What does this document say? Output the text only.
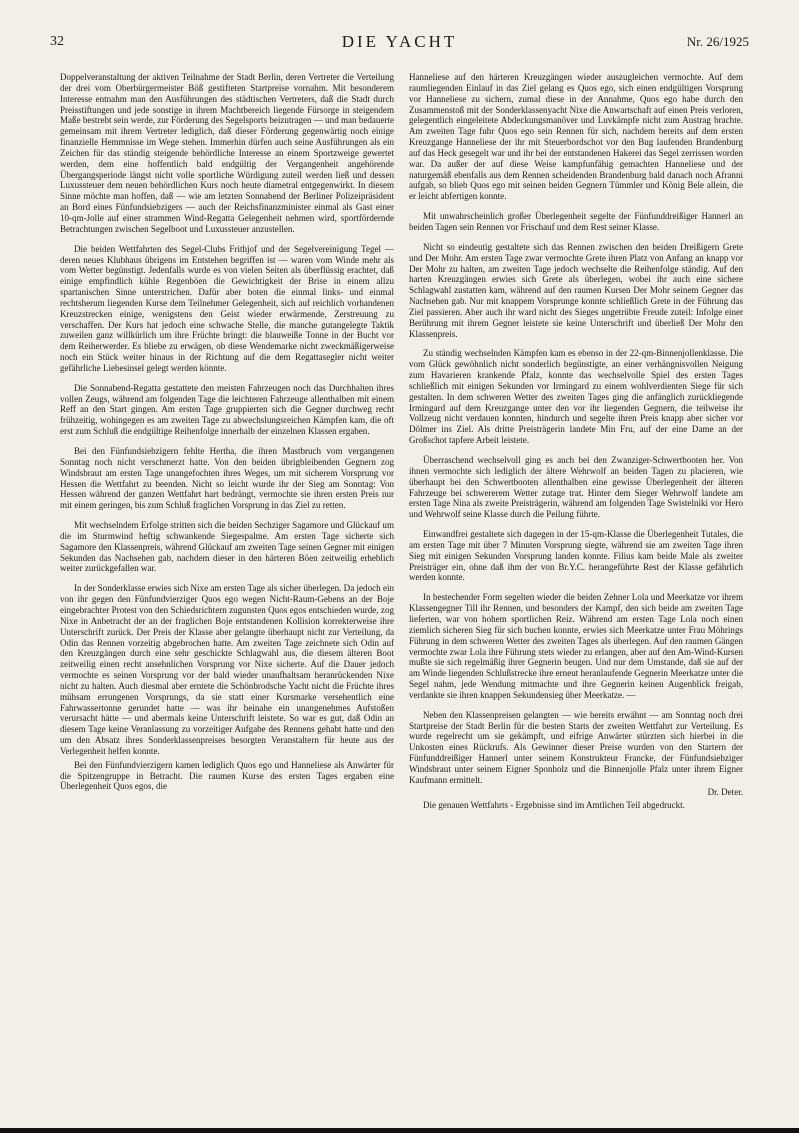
32	DIE YACHT	Nr. 26/1925

Doppelveranstaltung der aktiven Teilnahme der Stadt Berlin, deren Vertreter die Verteilung der drei vom Oberbürgermeister Böß gestifteten Startpreise vornahm. Mit besonderem Interesse entnahm man den Ausführungen des städtischen Vertreters, daß die Stadt durch Preisstiftungen und jede sonstige in ihrem Machtbereich liegende Fürsorge in steigendem Maße bestrebt sein werde, zur Förderung des Segelsports beizutragen — und man bedauerte gemeinsam mit ihrem Vertreter lediglich, daß dieser Förderung gegenwärtig noch einige finanzielle Hemmnisse im Wege stehen. Immerhin dürfen auch seine Ausführungen als ein Zeichen für das ständig steigende behördliche Interesse an einem Sportzweige gewertet werden, dem eine hoffentlich bald endgültig der Vergangenheit angehörende Übergangsperiode längst nicht volle sportliche Würdigung zuteil werden ließ und dessen Luxussteuer dem neuen behördlichen Kurs noch heute diametral entgegenwirkt. In diesem Sinne möchte man hoffen, daß — wie am letzten Sonnabend der Berliner Polizeipräsident an Bord eines Fünfundsiebzigers — auch der Reichsfinanzminister einmal als Gast einer 10-qm-Jolle auf einer strammen Wind-Regatta Gelegenheit nehmen wird, sportfördernde Betrachtungen zwischen Segelboot und Luxussteuer anzustellen.

Die beiden Wettfahrten des Segel-Clubs Frithjof und der Segelvereinigung Tegel — deren neues Klubhaus übrigens im Entstehen begriffen ist — waren vom Winde mehr als vom Wetter begünstigt. Jedenfalls wurde es von vielen Seiten als überflüssig erachtet, daß einige empfindlich kühle Regenböen die Gewichtigkeit der Brise in einem allzu spartanischen Sinne unterstrichen. Dafür aber boten die einmal links- und einmal rechtsherum liegenden Kurse dem Teilnehmer Gelegenheit, sich auf reichlich vorhandenen Kreuzstrecken einige, wenigstens den Geist wieder erwärmende, Zerstreuung zu verschaffen. Der Kurs hat jedoch eine schwache Stelle, die manche gutangelegte Taktik zuweilen ganz willkürlich um ihre Früchte bringt: die blauweiße Tonne in der Bucht vor dem Reiherwerder. Es bliebe zu erwägen, ob diese Wendemarke nicht zweckmäßigerweise noch ein Stück weiter hinaus in der Richtung auf die dem Regattasegler nicht weiter gefährliche Liebesinsel gelegt werden könnte.

Die Sonnabend-Regatta gestattete den meisten Fahrzeugen noch das Durchhalten ihres vollen Zeugs, während am folgenden Tage die leichteren Fahrzeuge allenthalben mit einem Reff an den Start gingen. Am ersten Tage gruppierten sich die Gegner durchweg recht frühzeitig, wohingegen es am zweiten Tage zu abwechslungsreichen Kämpfen kam, die oft erst zum Schluß die endgültige Reihenfolge innerhalb der einzelnen Klassen ergaben.

Bei den Fünfundsiebzigern fehlte Hertha, die ihren Mastbruch vom vergangenen Sonntag noch nicht verschmerzt hatte. Von den beiden übrigbleibenden Gegnern zog Windsbraut am ersten Tage unangefochten ihres Weges, um mit sicherem Vorsprung vor Hessen die Wettfahrt zu beenden. Nicht so leicht wurde ihr der Sieg am Sonntag: Von Hessen während der ganzen Wettfahrt hart bedrängt, vermochte sie ihren ersten Preis nur mit einem geringen, bis zum Schluß fraglichen Vorsprung in das Ziel zu retten.

Mit wechselndem Erfolge stritten sich die beiden Sechziger Sagamore und Glückauf um die im Sturmwind heftig schwankende Siegespalme. Am ersten Tage sicherte sich Sagamore den Klassenpreis, während Glückauf am zweiten Tage seinen Gegner mit einigen Sekunden das Nachsehen gab, nachdem dieser in den härteren Böen zeitweilig erheblich weiter zurückgefallen war.

In der Sonderklasse erwies sich Nixe am ersten Tage als sicher überlegen. Da jedoch ein von ihr gegen den Fünfundvierziger Quos ego wegen Nicht-Raum-Gebens an der Boje eingebrachter Protest von den Schiedsrichtern zugunsten Quos egos entschieden wurde, zog Nixe in Anbetracht der an der fraglichen Boje entstandenen Kollision korrekterweise ihre Unterschrift zurück. Der Preis der Klasse aber gelangte überhaupt nicht zur Verteilung, da Odin das Rennen vorzeitig abgebrochen hatte. Am zweiten Tage zeichnete sich Odin auf den Kreuzgängen durch eine sehr geschickte Schlagwahl aus, die diesem älteren Boot zeitweilig einen recht ansehnlichen Vorsprung vor Nixe sicherte. Auf die Dauer jedoch vermochte es seinen Vorsprung vor der bald wieder unaufhaltsam heranrückenden Nixe nicht zu halten. Auch diesmal aber erntete die Schönbrodsche Yacht nicht die Früchte ihres mühsam errungenen Vorsprungs, da sie statt einer Kursmarke versehentlich eine Fahrwassertonne gerundet hatte — was ihr beinahe ein unangenehmes Aufstoßen verursacht hätte — und abermals keine Unterschrift leistete. So war es gut, daß Odin an diesem Tage keine Veranlassung zu vorzeitiger Aufgabe des Rennens gehabt hatte und den um den Absatz ihres Sonderklassenpreises besorgten Veranstaltern für heute aus der Verlegenheit helfen konnte.

Bei den Fünfundvierzigern kamen lediglich Quos ego und Hanneliese als Anwärter für die Spitzengruppe in Betracht. Die raumen Kurse des ersten Tages ergaben eine Überlegenheit Quos egos, die

Hanneliese auf den härteren Kreuzgängen wieder auszugleichen vermochte. Auf dem raumliegenden Einlauf in das Ziel gelang es Quos ego, sich einen endgültigen Vorsprung vor Hanneliese zu sichern, zumal diese in der Annahme, Quos ego habe durch den Zusammenstoß mit der Sonderklassenyacht Nixe die Anwartschaft auf einen Preis verloren, gelegentlich eingeleitete Abdeckungsmanöver und Luvkämpfe nicht zum Austrag brachte. Am zweiten Tage fuhr Quos ego sein Rennen für sich, nachdem bereits auf dem ersten Kreuzgange Hanneliese der ihr mit Steuerbordschot vor den Bug laufenden Brandenburg auf das Heck gesegelt war und ihr bei der entstandenen Hakerei das Segel zerrissen worden war. Da außer der auf diese Weise kampfunfähig gemachten Hanneliese und der naturgemäß ebenfalls aus dem Rennen scheidenden Brandenburg bald danach noch Afranni aufgab, so blieb Quos ego mit seinen beiden Gegnern Tümmler und König Bele allein, die er leicht abfertigen konnte.

Mit unwahrscheinlich großer Überlegenheit segelte der Fünfunddreißiger Hannerl an beiden Tagen sein Rennen vor Frischauf und dem Rest seiner Klasse.

Nicht so eindeutig gestaltete sich das Rennen zwischen den beiden Dreißigern Grete und Der Mohr. Am ersten Tage zwar vermochte Grete ihren Platz von Anfang an knapp vor Der Mohr zu halten, am zweiten Tage jedoch wechselte die Reihenfolge ständig. Auf den harten Kreuzgängen erwies sich Grete als überlegen, wobei ihr auch eine sichere Schlagwahl zustatten kam, während auf den raumen Kursen Der Mohr seinem Gegner das Nachsehen gab. Nur mit knappem Vorsprunge konnte schließlich Grete in der Führung das Ziel passieren. Aber auch ihr ward nicht des Sieges ungetrübte Freude zuteil: Infolge einer Berührung mit ihrem Gegner leistete sie keine Unterschrift und überließ Der Mohr den Klassenpreis.

Zu ständig wechselnden Kämpfen kam es ebenso in der 22-qm-Binnenjollenklasse. Die vom Glück gewöhnlich nicht sonderlich begünstigte, an einer verhängnisvollen Neigung zum Havarieren krankende Pfalz, konnte das wechselvolle Spiel des ersten Tages schließlich mit einigen Sekunden vor Irmingard zu einem wohlverdienten Siege für sich gestalten. In dem schweren Wetter des zweiten Tages ging die anfänglich zurückliegende Irmingard auf dem Kreuzgange unter den vor ihr liegenden Gegnern, die teilweise ihr Vollzeug nicht verdauen konnten, hindurch und segelte ihren Preis knapp aber sicher vor Dölmer ins Ziel. Als dritte Preisträgerin landete Min Fru, auf der eine Dame an der Großschot tapfere Arbeit leistete.

Überraschend wechselvoll ging es auch bei den Zwanziger-Schwertbooten her. Von ihnen vermochte sich lediglich der ältere Wehrwolf an beiden Tagen zu placieren, wie überhaupt bei den Schwertbooten allenthalben eine gewisse Überlegenheit der älteren Fahrzeuge bei schwererem Wetter zutage trat. Hinter dem Sieger Wehrwolf landete am ersten Tage Nina als zweite Preisträgerin, während am folgenden Tage Swistelniki vor Hero und Wehrwolf seine Klasse durch die Peilung führte.

Einwandfrei gestaltete sich dagegen in der 15-qm-Klasse die Überlegenheit Tutales, die am ersten Tage mit über 7 Minuten Vorsprung siegte, während sie am zweiten Tage ihren Sieg mit einigen Sekunden Vorsprung landen konnte. Filius kam beide Male als zweiter Preisträger ein, ohne daß ihm der von Br.Y.C. herangeführte Rest der Klasse gefährlich werden konnte.

In bestechender Form segelten wieder die beiden Zehner Lola und Meerkatze vor ihrem Klassengegner Till ihr Rennen, und besonders der Kampf, den sich beide am zweiten Tage lieferten, war von hohem sportlichen Reiz. Während am ersten Tage Lola noch einen ziemlich sicheren Sieg für sich buchen konnte, erwies sich Meerkatze unter Frau Möhrings Führung in dem schweren Wetter des zweiten Tages als überlegen. Auf den raumen Gängen vermochte zwar Lola ihre Führung stets wieder zu erlangen, aber auf den Am-Wind-Kursen mußte sie sich regelmäßig ihrer Gegnerin beugen. Und nur dem Umstande, daß sie auf der am Winde liegenden Schlußstrecke ihre erneut heranlaufende Gegnerin Meerkatze unter die Segel nahm, jede Wendung mitmachte und ihre Gegnerin keinen Augenblick freigab, verdankte sie ihren knappen Sekundensieg über Meerkatze. —

Neben den Klassenpreisen gelangten — wie bereits erwähnt — am Sonntag noch drei Startpreise der Stadt Berlin für die besten Starts der zweiten Wettfahrt zur Verteilung. Es wurde regelrecht um sie gekämpft, und eifrige Anwärter stürzten sich hierbei in die Unkosten eines Rückrufs. Als Gewinner dieser Preise wurden von den Startern der Fünfunddreißiger Hannerl unter seinem Konstrukteur Francke, der Fünfundsiebziger Windsbraut unter seinem Eigner Sponholz und die Binnenjolle Pfalz unter ihrem Eigner Kaufmann ermittelt.

Dr. Deter.

Die genauen Wettfahrts - Ergebnisse sind im Amtlichen Teil abgedruckt.
